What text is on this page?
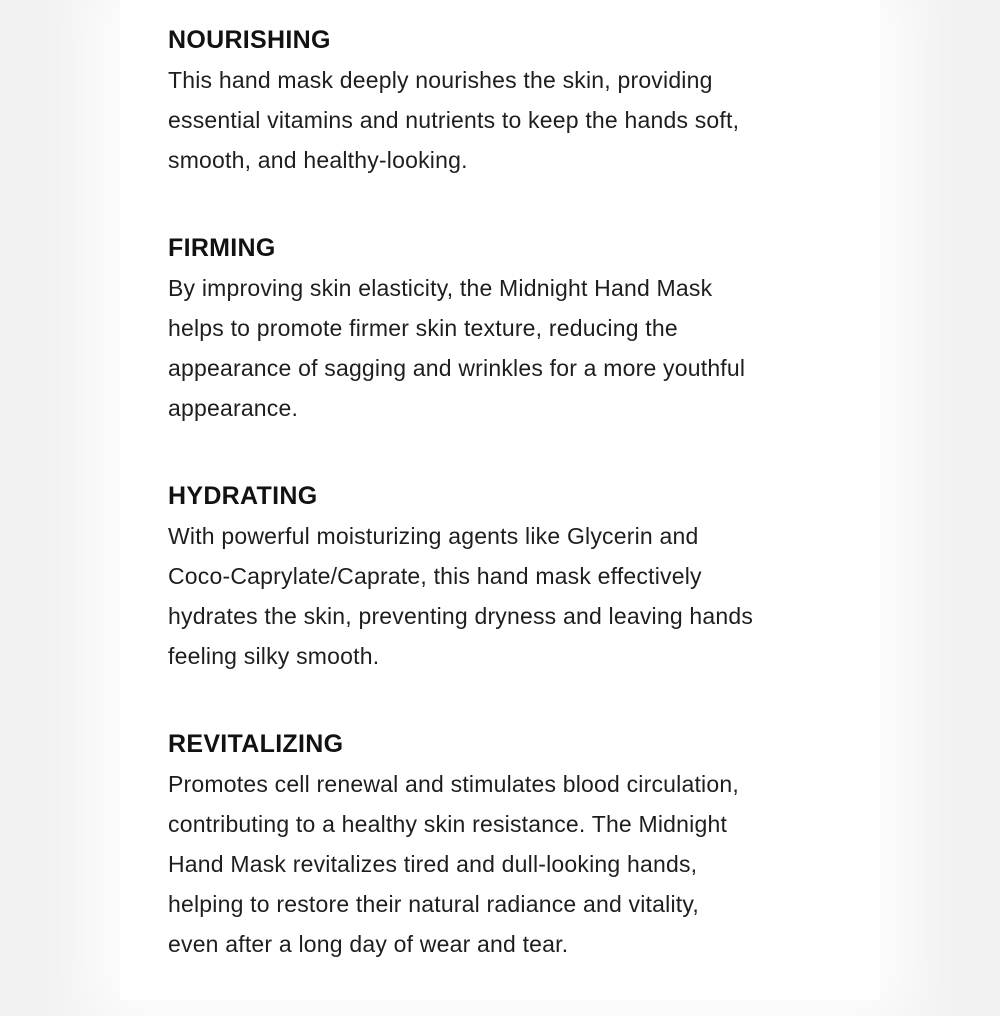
NOURISHING

This hand mask deeply nourishes the skin, providing
essential vitamins and nutrients to keep the hands soft,
smooth, and healthy-looking.

FIRMING

By improving skin elasticity, the Midnight Hand Mask
helps to promote firmer skin texture, reducing the
appearance of sagging and wrinkles for a more youthful
appearance.

HYDRATING

With powerful moisturizing agents like Glycerin and
Coco-Caprylate/Caprate, this hand mask effectively
hydrates the skin, preventing dryness and leaving hands
feeling silky smooth.

REVITALIZING

Promotes cell renewal and stimulates blood circulation,
contributing to a healthy skin resistance. The Midnight
Hand Mask revitalizes tired and dull-looking hands,
helping to restore their natural radiance and vitality,
even after a long day of wear and tear.
